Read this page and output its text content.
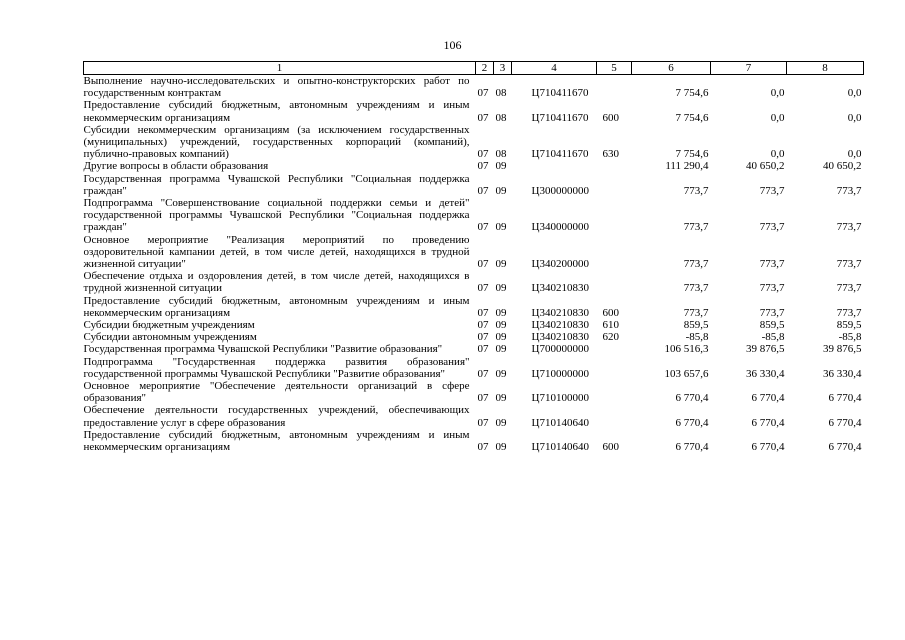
106
1	2	3	4	5	6	7	8
Выполнение научно-исследовательских и опытно-конструкторских работ по государственным контрактам	07	08	Ц710411670		7 754,6	0,0	0,0
Предоставление субсидий бюджетным, автономным учреждениям и иным некоммерческим организациям	07	08	Ц710411670	600	7 754,6	0,0	0,0
Субсидии некоммерческим организациям (за исключением государственных (муниципальных) учреждений, государственных корпораций (компаний), публично-правовых компаний)	07	08	Ц710411670	630	7 754,6	0,0	0,0
Другие вопросы в области образования	07	09			111 290,4	40 650,2	40 650,2
Государственная программа Чувашской Республики "Социальная поддержка граждан"	07	09	Ц300000000		773,7	773,7	773,7
Подпрограмма "Совершенствование социальной поддержки семьи и детей" государственной программы Чувашской Республики "Социальная поддержка граждан"	07	09	Ц340000000		773,7	773,7	773,7
Основное мероприятие "Реализация мероприятий по проведению оздоровительной кампании детей, в том числе детей, находящихся в трудной жизненной ситуации"	07	09	Ц340200000		773,7	773,7	773,7
Обеспечение отдыха и оздоровления детей, в том числе детей, находящихся в трудной жизненной ситуации	07	09	Ц340210830		773,7	773,7	773,7
Предоставление субсидий бюджетным, автономным учреждениям и иным некоммерческим организациям	07	09	Ц340210830	600	773,7	773,7	773,7
Субсидии бюджетным учреждениям	07	09	Ц340210830	610	859,5	859,5	859,5
Субсидии автономным учреждениям	07	09	Ц340210830	620	-85,8	-85,8	-85,8
Государственная программа Чувашской Республики "Развитие образования"	07	09	Ц700000000		106 516,3	39 876,5	39 876,5
Подпрограмма "Государственная поддержка развития образования" государственной программы Чувашской Республики "Развитие образования"	07	09	Ц710000000		103 657,6	36 330,4	36 330,4
Основное мероприятие "Обеспечение деятельности организаций в сфере образования"	07	09	Ц710100000		6 770,4	6 770,4	6 770,4
Обеспечение деятельности государственных учреждений, обеспечивающих предоставление услуг в сфере образования	07	09	Ц710140640		6 770,4	6 770,4	6 770,4
Предоставление субсидий бюджетным, автономным учреждениям и иным некоммерческим организациям	07	09	Ц710140640	600	6 770,4	6 770,4	6 770,4
